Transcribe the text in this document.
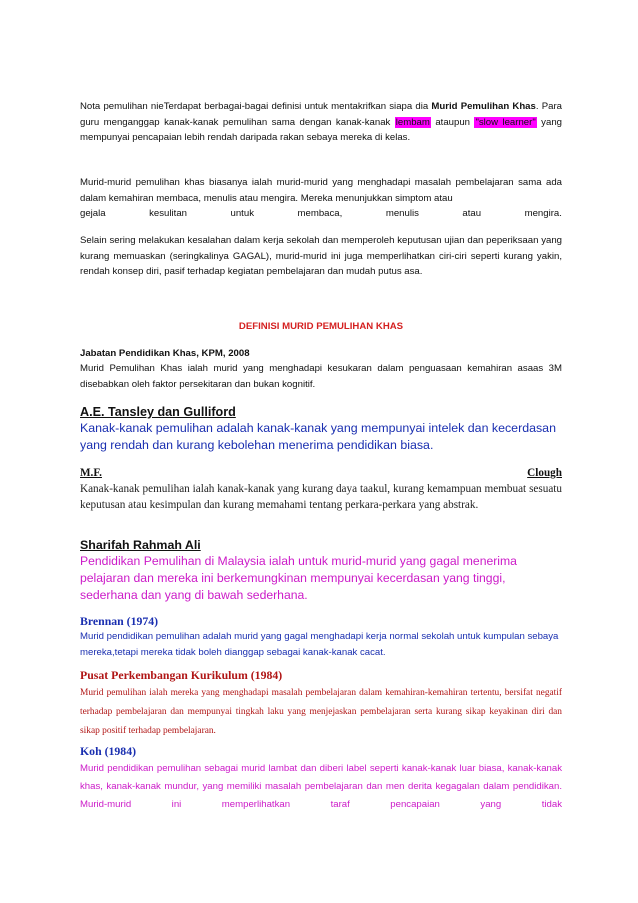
Nota pemulihan nieTerdapat berbagai-bagai definisi untuk mentakrifkan siapa dia Murid Pemulihan Khas. Para guru menganggap kanak-kanak pemulihan sama dengan kanak-kanak lembam ataupun "slow learner" yang mempunyai pencapaian lebih rendah daripada rakan sebaya mereka di kelas.

Murid-murid pemulihan khas biasanya ialah murid-murid yang menghadapi masalah pembelajaran sama ada dalam kemahiran membaca, menulis atau mengira. Mereka menunjukkan simptom atau

gejala	kesulitan	untuk	membaca,	menulis	atau	mengira.

Selain sering melakukan kesalahan dalam kerja sekolah dan memperoleh keputusan ujian dan peperiksaan yang kurang memuaskan (seringkalinya GAGAL), murid-murid ini juga memperlihatkan ciri-ciri seperti kurang yakin, rendah konsep diri, pasif terhadap kegiatan pembelajaran dan mudah putus asa.

DEFINISI MURID PEMULIHAN KHAS
Jabatan Pendidikan Khas, KPM, 2008

Murid Pemulihan Khas ialah murid yang menghadapi kesukaran dalam penguasaan kemahiran asaas 3M disebabkan oleh faktor persekitaran dan bukan kognitif.

A.E. Tansley dan Gulliford

Kanak-kanak pemulihan adalah kanak-kanak yang mempunyai intelek dan kecerdasan yang rendah dan kurang kebolehan menerima pendidikan biasa.

M.F.	Clough

Kanak-kanak pemulihan ialah kanak-kanak yang kurang daya taakul, kurang kemampuan membuat sesuatu keputusan atau kesimpulan dan kurang memahami tentang perkara-perkara yang abstrak.

Sharifah Rahmah Ali

Pendidikan Pemulihan di Malaysia ialah untuk murid-murid yang gagal menerima pelajaran dan mereka ini berkemungkinan mempunyai kecerdasan yang tinggi, sederhana dan yang di bawah sederhana.

Brennan (1974)

Murid pendidikan pemulihan adalah murid yang gagal menghadapi kerja normal sekolah untuk kumpulan sebaya mereka,tetapi mereka tidak boleh dianggap sebagai kanak-kanak cacat.

Pusat Perkembangan Kurikulum (1984)

Murid pemulihan ialah mereka yang menghadapi masalah pembelajaran dalam kemahiran-kemahiran tertentu, bersifat negatif terhadap pembelajaran dan mempunyai tingkah laku yang menjejaskan pembelajaran serta kurang sikap keyakinan diri dan sikap positif terhadap pembelajaran.

Koh (1984)

Murid pendidikan pemulihan sebagai murid lambat dan diberi label seperti kanak-kanak luar biasa, kanak-kanak khas, kanak-kanak mundur, yang memiliki masalah pembelajaran dan men derita kegagalan dalam pendidikan. Murid-murid ini memperlihatkan taraf pencapaian yang tidak
